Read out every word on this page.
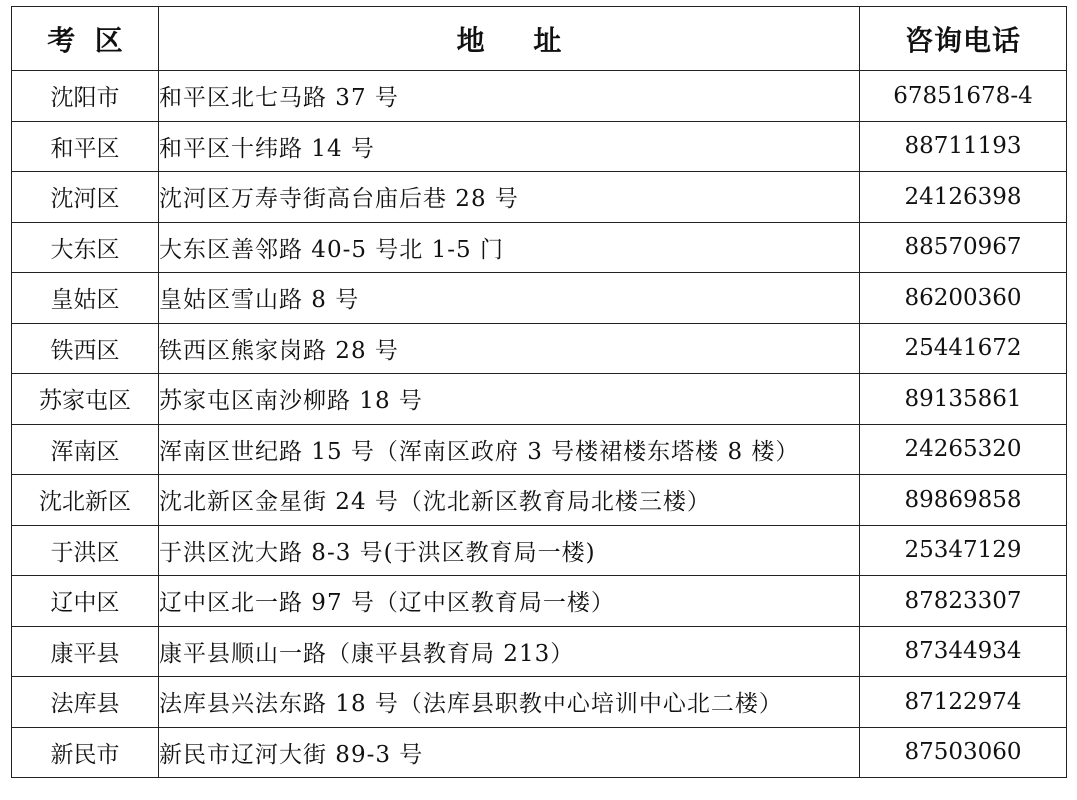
考  区	地     址	咨询电话
沈阳市	和平区北七马路 37 号	67851678-4
和平区	和平区十纬路 14 号	88711193
沈河区	沈河区万寿寺街高台庙后巷 28 号	24126398
大东区	大东区善邻路 40-5 号北 1-5 门	88570967
皇姑区	皇姑区雪山路 8 号	86200360
铁西区	铁西区熊家岗路 28 号	25441672
苏家屯区	苏家屯区南沙柳路 18 号	89135861
浑南区	浑南区世纪路 15 号（浑南区政府 3 号楼裙楼东塔楼 8 楼）	24265320
沈北新区	沈北新区金星街 24 号（沈北新区教育局北楼三楼）	89869858
于洪区	于洪区沈大路 8-3 号(于洪区教育局一楼)	25347129
辽中区	辽中区北一路 97 号（辽中区教育局一楼）	87823307
康平县	康平县顺山一路（康平县教育局 213）	87344934
法库县	法库县兴法东路 18 号（法库县职教中心培训中心北二楼）	87122974
新民市	新民市辽河大街 89-3 号	87503060
